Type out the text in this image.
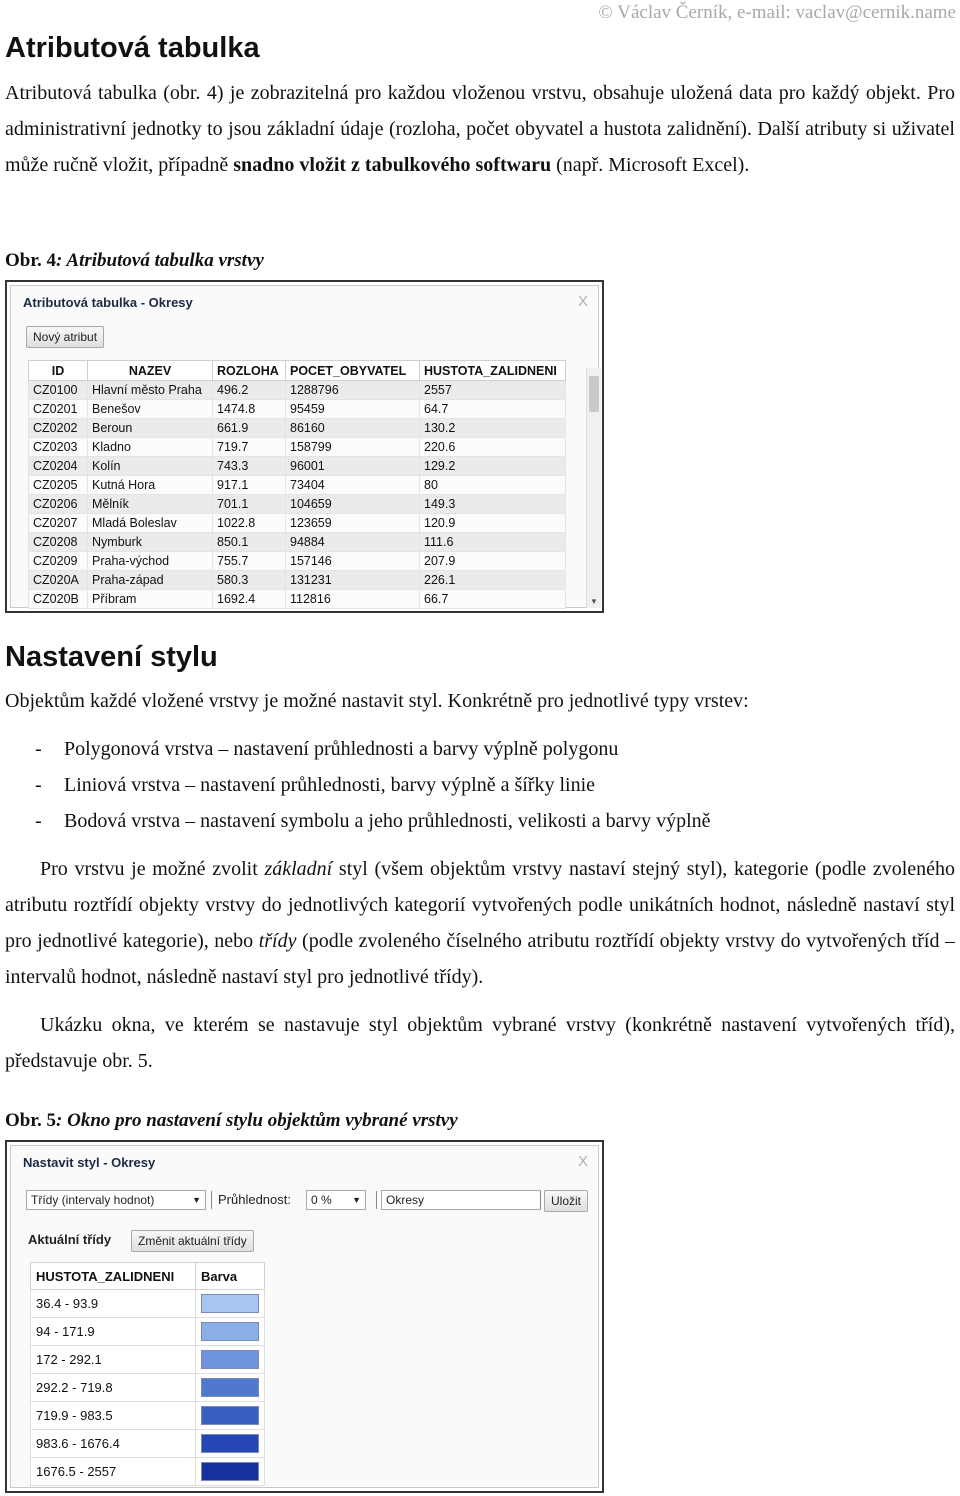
© Václav Černík, e-mail: vaclav@cernik.name
Atributová tabulka
Atributová tabulka (obr. 4) je zobrazitelná pro každou vloženou vrstvu, obsahuje uložená data pro každý objekt. Pro administrativní jednotky to jsou základní údaje (rozloha, počet obyvatel a hustota zalidnění). Další atributy si uživatel může ručně vložit, případně snadno vložit z tabulkového softwaru (např. Microsoft Excel).
Obr. 4: Atributová tabulka vrstvy
Atributová tabulka - Okresy	X
Nový atribut
ID	NAZEV	ROZLOHA	POCET_OBYVATEL	HUSTOTA_ZALIDNENI
CZ0100	Hlavní město Praha	496.2	1288796	2557
CZ0201	Benešov	1474.8	95459	64.7
CZ0202	Beroun	661.9	86160	130.2
CZ0203	Kladno	719.7	158799	220.6
CZ0204	Kolín	743.3	96001	129.2
CZ0205	Kutná Hora	917.1	73404	80
CZ0206	Mělník	701.1	104659	149.3
CZ0207	Mladá Boleslav	1022.8	123659	120.9
CZ0208	Nymburk	850.1	94884	111.6
CZ0209	Praha-východ	755.7	157146	207.9
CZ020A	Praha-západ	580.3	131231	226.1
CZ020B	Příbram	1692.4	112816	66.7	▼
Nastavení stylu
Objektům každé vložené vrstvy je možné nastavit styl. Konkrétně pro jednotlivé typy vrstev:
- Polygonová vrstva – nastavení průhlednosti a barvy výplně polygonu
- Liniová vrstva – nastavení průhlednosti, barvy výplně a šířky linie
- Bodová vrstva – nastavení symbolu a jeho průhlednosti, velikosti a barvy výplně
Pro vrstvu je možné zvolit základní styl (všem objektům vrstvy nastaví stejný styl), kategorie (podle zvoleného atributu roztřídí objekty vrstvy do jednotlivých kategorií vytvořených podle unikátních hodnot, následně nastaví styl pro jednotlivé kategorie), nebo třídy (podle zvoleného číselného atributu roztřídí objekty vrstvy do vytvořených tříd – intervalů hodnot, následně nastaví styl pro jednotlivé třídy).
Ukázku okna, ve kterém se nastavuje styl objektům vybrané vrstvy (konkrétně nastavení vytvořených tříd), představuje obr. 5.
Obr. 5: Okno pro nastavení stylu objektům vybrané vrstvy
Nastavit styl - Okresy	X
Třídy (intervaly hodnot)	▼ Průhlednost:	0 % ▼	Okresy	Uložit
Aktuální třídy	Změnit aktuální třídy
HUSTOTA_ZALIDNENI	Barva
36.4 - 93.9	

94 - 171.9	

172 - 292.1	

292.2 - 719.8	

719.9 - 983.5	

983.6 - 1676.4	

1676.5 - 2557	
